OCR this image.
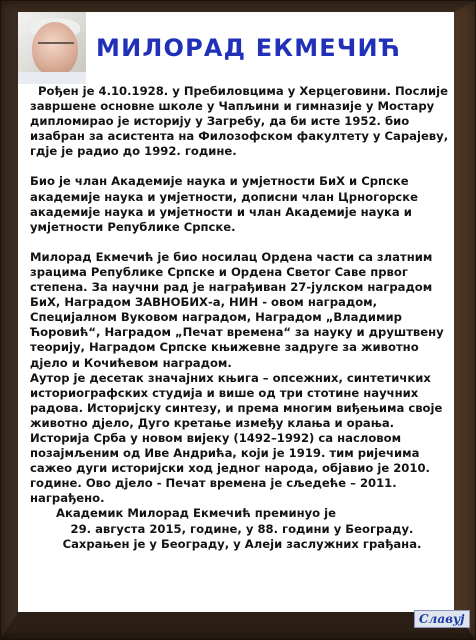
МИЛОРАД ЕКМЕЧИЋ

Рођен је 4.10.1928. у Пребиловцима у Херцеговини. Послије завршене основне школе у Чапљини и гимназије у Мостару дипломирао је историју у Загребу, да би исте 1952. био изабран за асистента на Филозофском факултету у Сарајеву, гдје је радио до 1992. године.

Био је члан Академије наука и умјетности БиХ и Српске академије наука и умјетности, дописни члан Црногорске академије наука и умјетности и члан Академије наука и умјетности Републике Српске.

Милорад Екмечић је био носилац Ордена части са златним зрацима Републике Српске и Ордена Светог Саве првог степена. За научни рад је награђиван 27-јулском наградом БиХ, Наградом ЗАВНОБИХ-а, НИН - овом наградом, Специјалном Вуковом наградом, Наградом „Владимир Ћоровић“, Наградом „Печат времена“ за науку и друштвену теорију, Наградом Српске књижевне задруге за животно дјело и Кочићевом наградом.

Аутор је десетак значајних књига – опсежних, синтетичких историографских студија и више од три стотине научних радова. Историјску синтезу, и према многим виђењима своје животно дјело, Дуго кретање између клања и орања. Историја Срба у новом вијеку (1492–1992) са насловом позајмљеним од Иве Андрића, који је 1919. тим ријечима сажео дуги историјски ход једног народа, објавио је 2010. године. Ово дјело - Печат времена је сљедеће – 2011. награђено.

Академик Милорад Екмечић преминуо је

29. августа 2015, године, у 88. години у Београду.

Сахрањен је у Београду, у Алеји заслужних грађана.

Славуј
